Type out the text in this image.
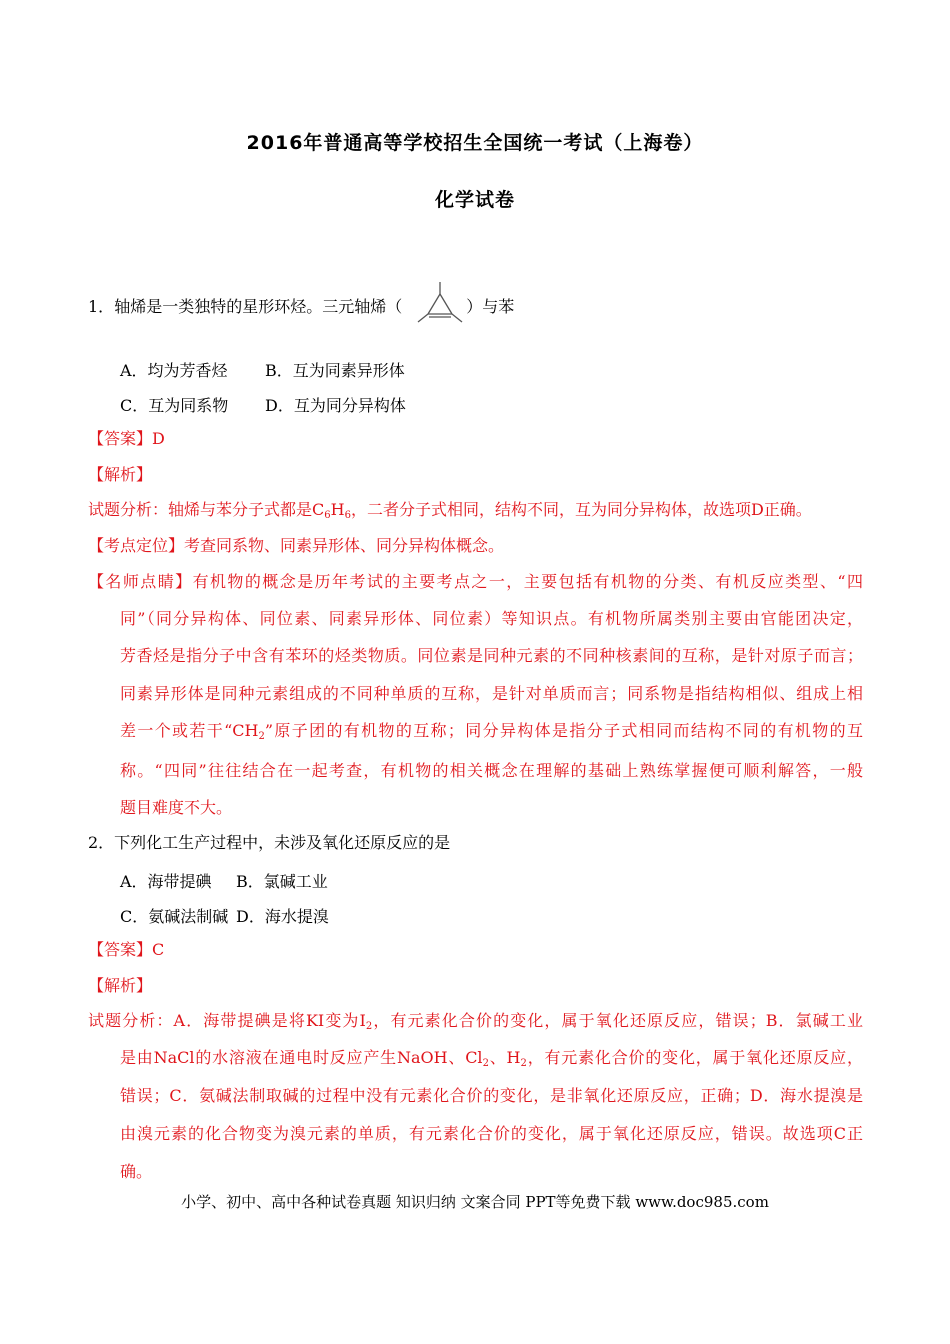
2016年普通高等学校招生全国统一考试（上海卷）
化学试卷
1．轴烯是一类独特的星形环烃。三元轴烯（	）与苯
A．均为芳香烃 B．互为同素异形体
C．互为同系物 D．互为同分异构体
【答案】D
【解析】
试题分析：轴烯与苯分子式都是$C_6H_6$，二者分子式相同，结构不同，互为同分异构体，故选项D正确。
【考点定位】考查同系物、同素异形体、同分异构体概念。
【名师点睛】有机物的概念是历年考试的主要考点之一，主要包括有机物的分类、有机反应类型、“四
同”（同分异构体、同位素、同素异形体、同位素）等知识点。有机物所属类别主要由官能团决定，
芳香烃是指分子中含有苯环的烃类物质。同位素是同种元素的不同种核素间的互称，是针对原子而言；
同素异形体是同种元素组成的不同种单质的互称，是针对单质而言；同系物是指结构相似、组成上相
差一个或若干“$CH_2$”原子团的有机物的互称；同分异构体是指分子式相同而结构不同的有机物的互
称。“四同”往往结合在一起考查，有机物的相关概念在理解的基础上熟练掌握便可顺利解答，一般
题目难度不大。
2．下列化工生产过程中，未涉及氧化还原反应的是
A．海带提碘 B．氯碱工业
C．氨碱法制碱 D．海水提溴
【答案】C
【解析】
试题分析：A．海带提碘是将KI变为$I_2$，有元素化合价的变化，属于氧化还原反应，错误；B．氯碱工业
是由NaCl的水溶液在通电时反应产生NaOH、$Cl_2$、$H_2$，有元素化合价的变化，属于氧化还原反应，
错误；C．氨碱法制取碱的过程中没有元素化合价的变化，是非氧化还原反应，正确；D．海水提溴是
由溴元素的化合物变为溴元素的单质，有元素化合价的变化，属于氧化还原反应，错误。故选项C正
确。
小学、初中、高中各种试卷真题 知识归纳 文案合同 PPT等免费下载 www.doc985.com
